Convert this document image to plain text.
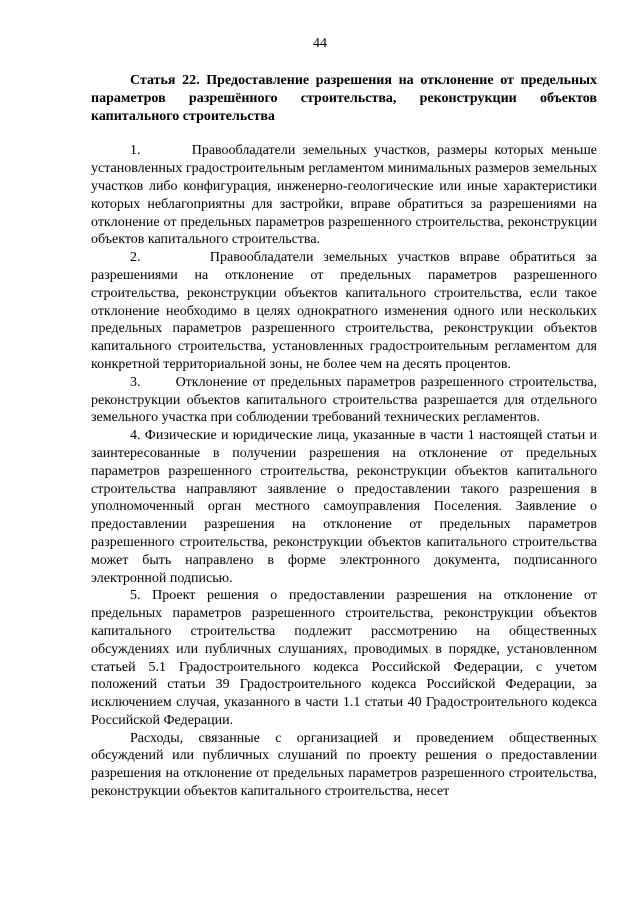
44

Статья 22. Предоставление разрешения на отклонение от предельных параметров разрешённого строительства, реконструкции объектов капитального строительства

1.       Правообладатели земельных участков, размеры которых меньше установленных градостроительным регламентом минимальных размеров земельных участков либо конфигурация, инженерно-геологические или иные характеристики которых неблагоприятны для застройки, вправе обратиться за разрешениями на отклонение от предельных параметров разрешенного строительства, реконструкции объектов капитального строительства.

2.       Правообладатели земельных участков вправе обратиться за разрешениями на отклонение от предельных параметров разрешенного строительства, реконструкции объектов капитального строительства, если такое отклонение необходимо в целях однократного изменения одного или нескольких предельных параметров разрешенного строительства, реконструкции объектов капитального строительства, установленных градостроительным регламентом для конкретной территориальной зоны, не более чем на десять процентов.

3.       Отклонение от предельных параметров разрешенного строительства, реконструкции объектов капитального строительства разрешается для отдельного земельного участка при соблюдении требований технических регламентов.

4. Физические и юридические лица, указанные в части 1 настоящей статьи и заинтересованные в получении разрешения на отклонение от предельных параметров разрешенного строительства, реконструкции объектов капитального строительства направляют заявление о предоставлении такого разрешения в уполномоченный орган местного самоуправления Поселения. Заявление о предоставлении разрешения на отклонение от предельных параметров разрешенного строительства, реконструкции объектов капитального строительства может быть направлено в форме электронного документа, подписанного электронной подписью.

5. Проект решения о предоставлении разрешения на отклонение от предельных параметров разрешенного строительства, реконструкции объектов капитального строительства подлежит рассмотрению на общественных обсуждениях или публичных слушаниях, проводимых в порядке, установленном статьей 5.1 Градостроительного кодекса Российской Федерации, с учетом положений статьи 39 Градостроительного кодекса Российской Федерации, за исключением случая, указанного в части 1.1 статьи 40 Градостроительного кодекса Российской Федерации.

Расходы, связанные с организацией и проведением общественных обсуждений или публичных слушаний по проекту решения о предоставлении разрешения на отклонение от предельных параметров разрешенного строительства, реконструкции объектов капитального строительства, несет
